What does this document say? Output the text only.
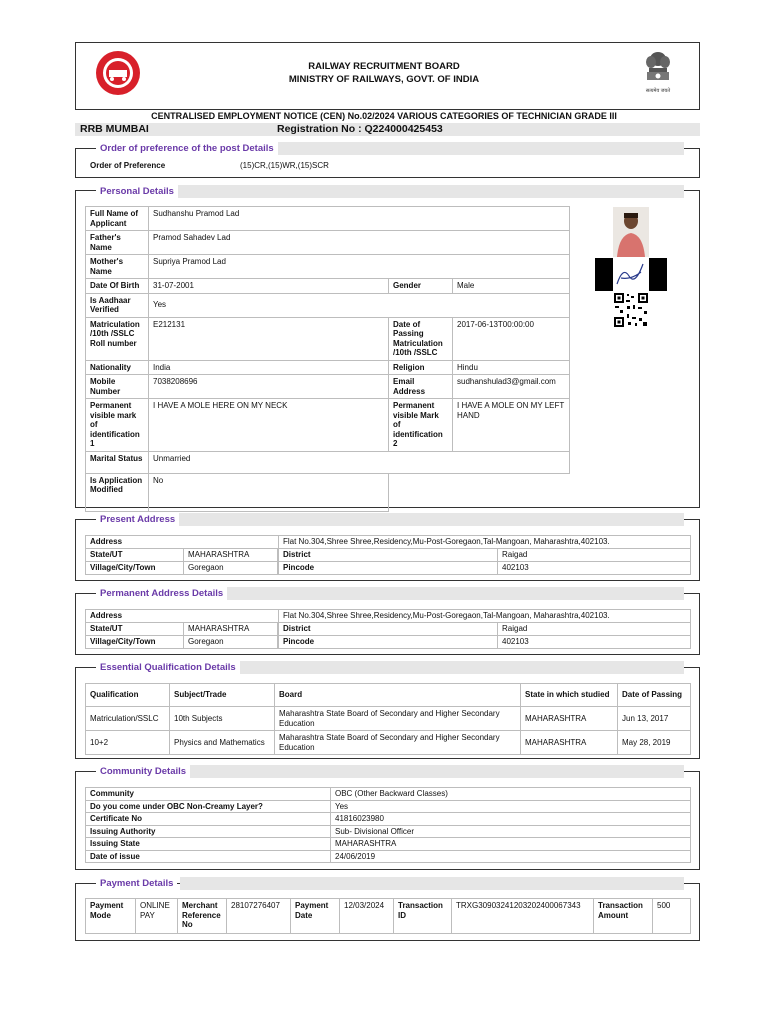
सत्यमेव जयते
RAILWAY RECRUITMENT BOARD
MINISTRY OF RAILWAYS, GOVT. OF INDIA
CENTRALISED EMPLOYMENT NOTICE (CEN) No.02/2024 VARIOUS CATEGORIES OF TECHNICIAN GRADE III
RRB MUMBAI	Registration No : Q224000425453
Order of preference of the post Details
Order of Preference	(15)CR,(15)WR,(15)SCR
Personal Details
Full Name of Applicant	Sudhanshu Pramod Lad		
Father's Name	Pramod Sahadev Lad		
Mother's Name	Supriya Pramod Lad		
Date Of Birth	31-07-2001	Gender	Male
Is Aadhaar Verified	Yes		
Matriculation /10th /SSLC Roll number	E212131	Date of Passing Matriculation /10th /SSLC	2017-06-13T00:00:00
Nationality	India	Religion	Hindu
Mobile Number	7038208696	Email Address	sudhanshulad3@gmail.com
Permanent visible mark of identification 1	I HAVE A MOLE HERE ON MY NECK	Permanent visible Mark of identification 2	I HAVE A MOLE ON MY LEFT HAND
Marital Status	Unmarried		
Is Application Modified	No		
Present Address
Address		Flat No.304,Shree Shree,Residency,Mu-Post-Goregaon,Tal-Mangoan, Maharashtra,402103.	
State/UT	MAHARASHTRA		District	Raigad
Village/City/Town	Goregaon		Pincode	402103
Permanent Address Details
Address		Flat No.304,Shree Shree,Residency,Mu-Post-Goregaon,Tal-Mangoan, Maharashtra,402103.	
State/UT	MAHARASHTRA		District	Raigad
Village/City/Town	Goregaon		Pincode	402103
Essential Qualification Details
Qualification	Subject/Trade	Board	State in which studied	Date of Passing
Matriculation/SSLC	10th Subjects	Maharashtra State Board of Secondary and Higher Secondary Education	MAHARASHTRA	Jun 13, 2017
10+2	Physics and Mathematics	Maharashtra State Board of Secondary and Higher Secondary Education	MAHARASHTRA	May 28, 2019
Community Details
Community	OBC (Other Backward Classes)
Do you come under OBC Non-Creamy Layer?	Yes
Certificate No	41816023980
Issuing Authority	Sub- Divisional Officer
Issuing State	MAHARASHTRA
Date of issue	24/06/2019
Payment Details
Payment Mode	ONLINE PAY	Merchant Reference No	28107276407	Payment Date	12/03/2024	Transaction ID	TRXG30903241203202400067343	Transaction Amount	500
